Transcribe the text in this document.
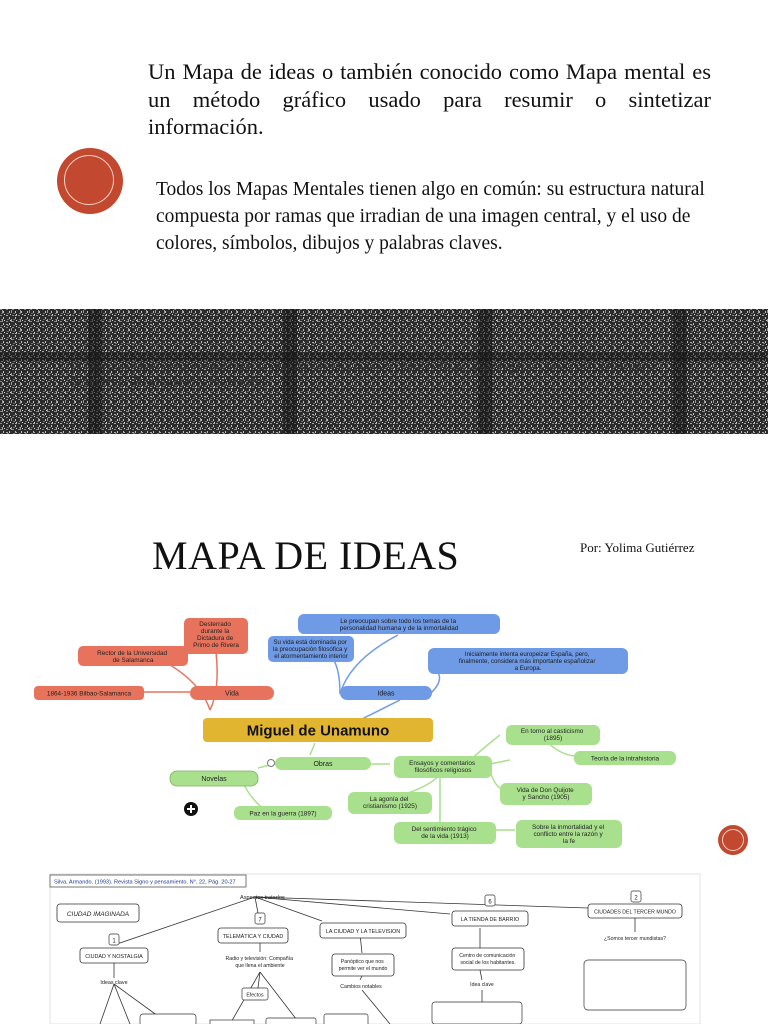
Un Mapa de ideas o también conocido como Mapa mental es un método gráfico usado para resumir o sintetizar información.

Todos los Mapas Mentales tienen algo en común: su estructura natural compuesta por ramas que irradian de una imagen central, y el uso de colores, símbolos, dibujos y palabras claves.

El Mapa de ideas permite organizar la realidad de una manera clara y eficaz, al manejar las ideas más relevantes
de un tema determinado y su relación.

MAPA DE IDEAS	Por: Yolima Gutiérrez

Desterrado durante la Dictadura de Primo de Rivera
Rector de la Universidad de Salamanca
1864-1936 Bilbao-Salamanca	Vida
Le preocupan sobre todo los temas de la personalidad humana y de la inmortalidad
Su vida está dominada por la preocupación filosófica y el atormentamiento interior	Inicialmente intenta europeizar España, pero, finalmente, considera más importante españolizar a Europa.
Ideas
Miguel de Unamuno
Obras
Novelas
Paz en la guerra (1897)
Ensayos y comentarios filosóficos religiosos
En torno al casticismo (1895)
Teoría de la intrahistoria
Vida de Don Quijote y Sancho (1905)
La agonía del cristianismo (1925)
Del sentimiento trágico de la vida (1913)
Sobre la inmortalidad y el conflicto entre la razón y la fe
Silva, Armando. (1993). Revista Signo y pensamiento. N°. 22, Pág. 20-27
Aspectos tratados
CIUDAD IMAGINADA
1
CIUDAD Y NOSTALGIA
Ideas clave
7
TELEMÁTICA Y CIUDAD
Radio y televisión: Compañía que llena el ambiente
Efectos
LA CIUDAD Y LA TELEVISION
Panóptico que nos permite ver el mundo
Cambios notables
6
LA TIENDA DE BARRIO
Centro de comunicación social de los habitantes.
Idea clave
2
CIUDADES DEL TERCER MUNDO
¿Somos tercer mundistas?
